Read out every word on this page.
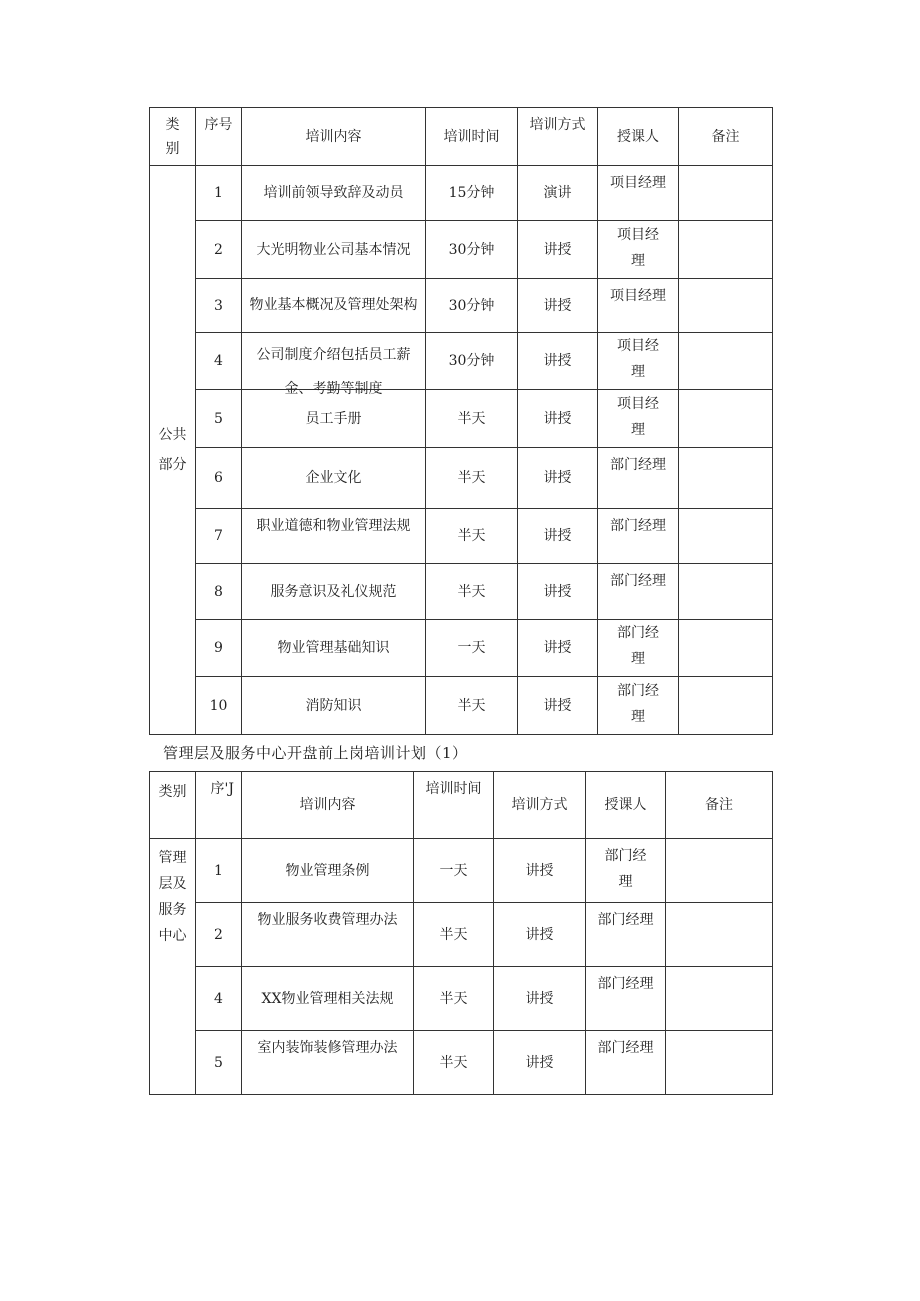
类别	序号	培训内容	培训时间	培训方式	授课人	备注
公共部分	1	培训前领导致辞及动员	15分钟	演讲	项目经理	
	2	大光明物业公司基本情况	30分钟	讲授	项目经理	
	3	物业基本概况及管理处架构	30分钟	讲授	项目经理	
	4	公司制度介绍包括员工薪金、考勤等制度	30分钟	讲授	项目经理	
	5	员工手册	半天	讲授	项目经理	
	6	企业文化	半天	讲授	部门经理	
	7	职业道德和物业管理法规	半天	讲授	部门经理	
	8	服务意识及礼仪规范	半天	讲授	部门经理	
	9	物业管理基础知识	一天	讲授	部门经理	
	10	消防知识	半天	讲授	部门经理	
管理层及服务中心开盘前上岗培训计划（1）
类别	序'J	培训内容	培训时间	培训方式	授课人	备注
管理层及服务中心	1	物业管理条例	一天	讲授	部门经理	
	2	物业服务收费管理办法	半天	讲授	部门经理	
	4	XX物业管理相关法规	半天	讲授	部门经理	
	5	室内装饰装修管理办法	半天	讲授	部门经理	
